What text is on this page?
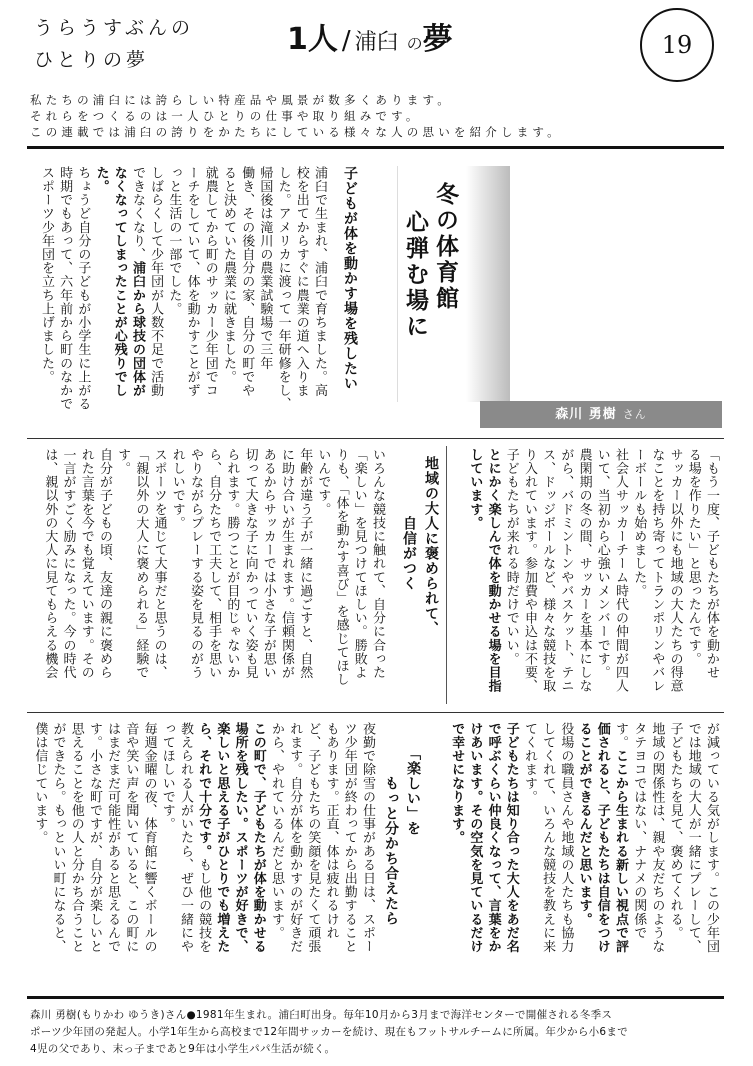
うらうすぶんの
ひとりの夢
1人 / 浦臼 の夢	19
私たちの浦臼には誇らしい特産品や風景が数多くあります。
それらをつくるのは一人ひとりの仕事や取り組みです。
この連載では浦臼の誇りをかたちにしている様々な人の思いを紹介します。
冬の体育館
心弾む場に
森川 勇樹 さん
子どもが体を動かす場を残したい
浦臼で生まれ、浦臼で育ちました。高
校を出てからすぐに農業の道へ入りま
した。アメリカに渡って一年研修をし、
帰国後は滝川の農業試験場で三年
働き、その後自分の家、自分の町でや
ると決めていた農業に就きました。
就農してから町のサッカー少年団でコ
ーチをしていて、体を動かすことがず
っと生活の一部でした。
しばらくして少年団が人数不足で活動
できなくなり、浦臼から球技の団体が
なくなってしまったことが心残りでし
た。
ちょうど自分の子どもが小学生に上がる
時期でもあって、六年前から町のなかで
スポーツ少年団を立ち上げました。
「もう一度、子どもたちが体を動かせ
る場を作りたい」と思ったんです。
サッカー以外にも地域の大人たちの得意
なことを持ち寄ってトランポリンやバレ
ーボールも始めました。
社会人サッカーチーム時代の仲間が四人
いて、当初から心強いメンバーです。
農閑期の冬の間、サッカーを基本にしな
がら、バドミントンやバスケット、テニ
ス、ドッジボールなど、様々な競技を取
り入れています。参加費や申込は不要、
子どもたちが来れる時だけでいい。
とにかく楽しんで体を動かせる場を目指
しています。
地域の大人に褒められて、
自信がつく
いろんな競技に触れて、自分に合った
「楽しい」を見つけてほしい。勝敗よ
りも、「体を動かす喜び」を感じてほし
いんです。
年齢が違う子が一緒に過ごすと、自然
に助け合いが生まれます。信頼関係が
あるからサッカーでは小さな子が思い
切って大きな子に向かっていく姿も見
られます。勝つことが目的じゃないか
ら、自分たちで工夫して、相手を思い
やりながらプレーする姿を見るのがう
れしいです。
スポーツを通じて大事だと思うのは、
「親以外の大人に褒められる」経験で
す。
自分が子どもの頃、友達の親に褒めら
れた言葉を今でも覚えています。その
一言がすごく励みになった。今の時代
は、親以外の大人に見てもらえる機会
が減っている気がします。この少年団
では地域の大人が一緒にプレーして、
子どもたちを見て、褒めてくれる。
地域の関係性は、親や友だちのような
タテヨコではない、ナナメの関係で
す。ここから生まれる新しい視点で評
価されると、子どもたちは自信をつけ
ることができるんだと思います。
役場の職員さんや地域の人たちも協力
してくれて、いろんな競技を教えに来
てくれます。
子どもたちは知り合った大人をあだ名
で呼ぶくらい仲良くなって、言葉をか
けあいます。その空気を見ているだけ
で幸せになります。
「楽しい」を
もっと分かち合えたら
夜勤で除雪の仕事がある日は、スポー
ツ少年団が終わってから出勤すること
もあります。正直、体は疲れるけれ
ど、子どもたちの笑顔を見たくて頑張
れます。自分が体を動かすのが好きだ
から、やれているんだと思います。
この町で、子どもたちが体を動かせる
場所を残したい。スポーツが好きで、
楽しいと思える子がひとりでも増えた
ら、それで十分です。もし他の競技を
教えられる人がいたら、ぜひ一緒にや
ってほしいです。
毎週金曜の夜、体育館に響くボールの
音や笑い声を聞いていると、この町に
はまだまだ可能性があると思えるんで
す。小さな町ですが、自分が楽しいと
思えることを他の人と分かち合うこと
ができたら。もっといい町になると、
僕は信じています。
森川 勇樹(もりかわ ゆうき)さん●1981年生まれ。浦臼町出身。毎年10月から3月まで海洋センターで開催される冬季ス
ポーツ少年団の発起人。小学1年生から高校まで12年間サッカーを続け、現在もフットサルチームに所属。年少から小6まで
4児の父であり、末っ子まであと9年は小学生パパ生活が続く。
